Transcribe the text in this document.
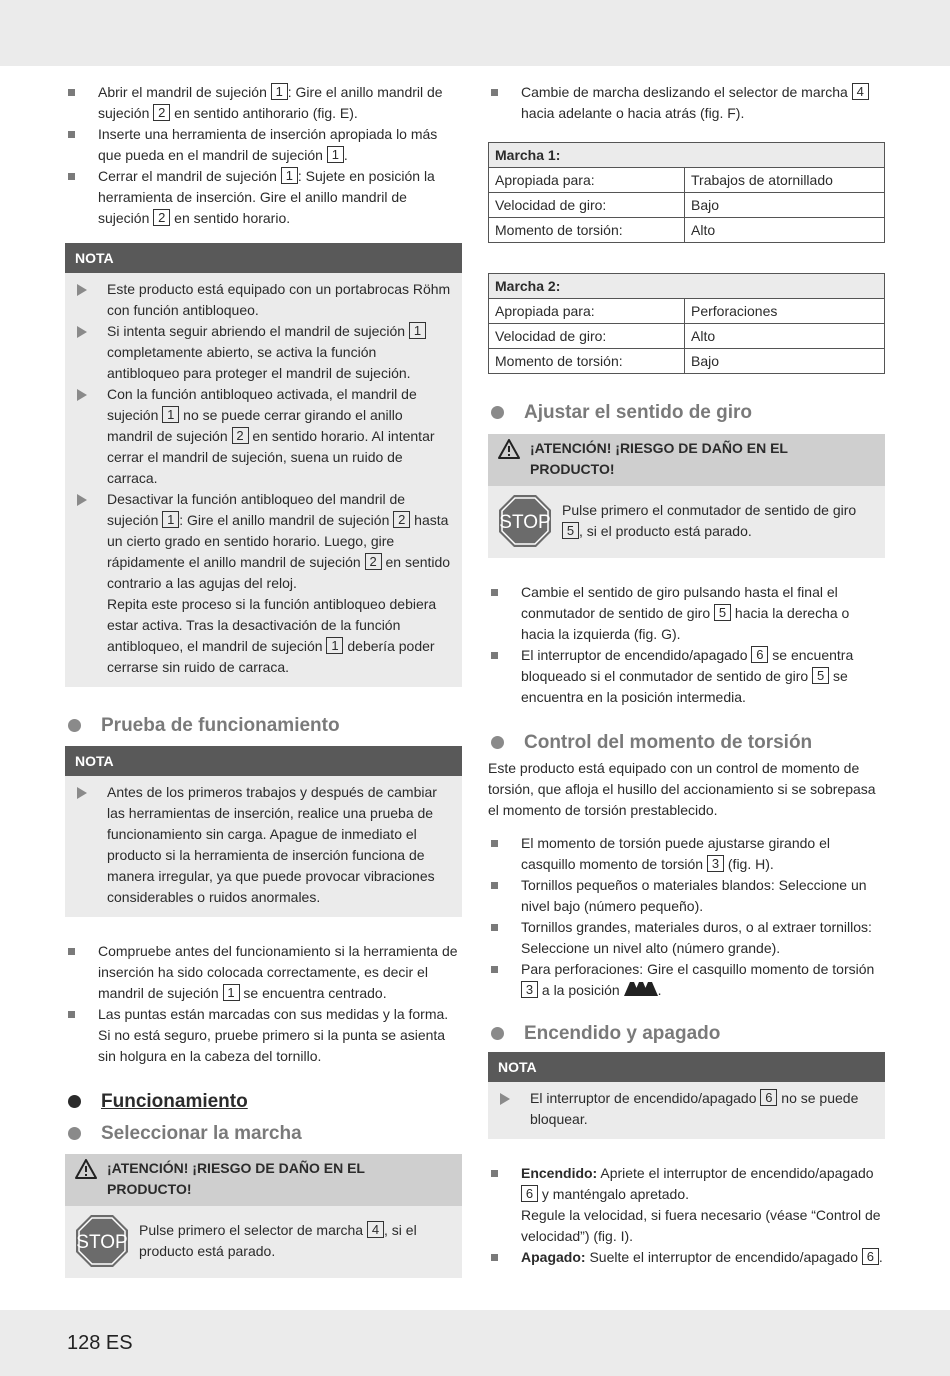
Abrir el mandril de sujeción 1 : Gire el anillo mandril de sujeción 2 en sentido antihorario (fig. E).
Inserte una herramienta de inserción apropiada lo más que pueda en el mandril de sujeción 1 .
Cerrar el mandril de sujeción 1 : Sujete en posición la herramienta de inserción. Gire el anillo mandril de sujeción 2 en sentido horario.
NOTA
Este producto está equipado con un portabrocas Röhm con función antibloqueo.
Si intenta seguir abriendo el mandril de sujeción 1 completamente abierto, se activa la función antibloqueo para proteger el mandril de sujeción.
Con la función antibloqueo activada, el mandril de sujeción 1 no se puede cerrar girando el anillo mandril de sujeción 2 en sentido horario. Al intentar cerrar el mandril de sujeción, suena un ruido de carraca.
Desactivar la función antibloqueo del mandril de sujeción 1 : Gire el anillo mandril de sujeción 2 hasta un cierto grado en sentido horario. Luego, gire rápidamente el anillo mandril de sujeción 2 en sentido contrario a las agujas del reloj.
Repita este proceso si la función antibloqueo debiera estar activa. Tras la desactivación de la función antibloqueo, el mandril de sujeción 1 debería poder cerrarse sin ruido de carraca.
Prueba de funcionamiento
NOTA
Antes de los primeros trabajos y después de cambiar las herramientas de inserción, realice una prueba de funcionamiento sin carga. Apague de inmediato el producto si la herramienta de inserción funciona de manera irregular, ya que puede provocar vibraciones considerables o ruidos anormales.
Compruebe antes del funcionamiento si la herramienta de inserción ha sido colocada correctamente, es decir el mandril de sujeción 1 se encuentra centrado.
Las puntas están marcadas con sus medidas y la forma. Si no está seguro, pruebe primero si la punta se asienta sin holgura en la cabeza del tornillo.
Funcionamiento
Seleccionar la marcha
¡ATENCIÓN! ¡RIESGO DE DAÑO EN EL PRODUCTO!
STOP
Pulse primero el selector de marcha 4 , si el producto está parado.
Cambie de marcha deslizando el selector de marcha 4 hacia adelante o hacia atrás (fig. F).
Marcha 1:	
Apropiada para:	Trabajos de atornillado
Velocidad de giro:	Bajo
Momento de torsión:	Alto
Marcha 2:	
Apropiada para:	Perforaciones
Velocidad de giro:	Alto
Momento de torsión:	Bajo
Ajustar el sentido de giro
¡ATENCIÓN! ¡RIESGO DE DAÑO EN EL PRODUCTO!
STOP
Pulse primero el conmutador de sentido de giro 5 , si el producto está parado.
Cambie el sentido de giro pulsando hasta el final el conmutador de sentido de giro 5 hacia la derecha o hacia la izquierda (fig. G).
El interruptor de encendido/apagado 6 se encuentra bloqueado si el conmutador de sentido de giro 5 se encuentra en la posición intermedia.
Control del momento de torsión

Este producto está equipado con un control de momento de torsión, que afloja el husillo del accionamiento si se sobrepasa el momento de torsión prestablecido.

El momento de torsión puede ajustarse girando el casquillo momento de torsión 3 (fig. H).
Tornillos pequeños o materiales blandos: Seleccione un nivel bajo (número pequeño).
Tornillos grandes, materiales duros, o al extraer tornillos: Seleccione un nivel alto (número grande).
Para perforaciones: Gire el casquillo momento de torsión 3 a la posición .
Encendido y apagado
NOTA
El interruptor de encendido/apagado 6 no se puede bloquear.
Encendido: Apriete el interruptor de encendido/apagado 6 y manténgalo apretado.
Regule la velocidad, si fuera necesario (véase “Control de velocidad”) (fig. I).
Apagado: Suelte el interruptor de encendido/apagado 6 .
128 ES
